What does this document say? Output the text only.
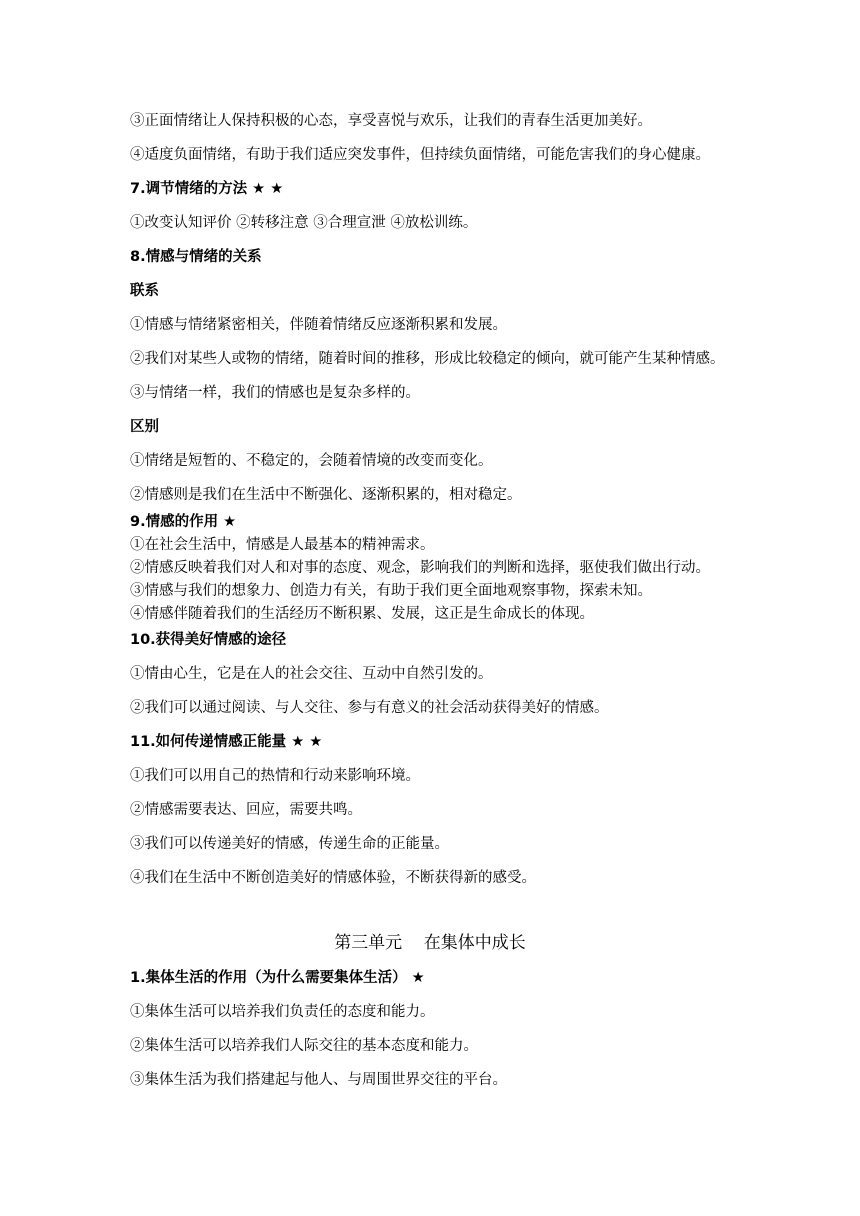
③正面情绪让人保持积极的心态，享受喜悦与欢乐，让我们的青春生活更加美好。
④适度负面情绪，有助于我们适应突发事件，但持续负面情绪，可能危害我们的身心健康。
7.调节情绪的方法 ★ ★
①改变认知评价 ②转移注意 ③合理宣泄 ④放松训练。
8.情感与情绪的关系
联系
①情感与情绪紧密相关，伴随着情绪反应逐渐积累和发展。
②我们对某些人或物的情绪，随着时间的推移，形成比较稳定的倾向，就可能产生某种情感。
③与情绪一样，我们的情感也是复杂多样的。
区别
①情绪是短暂的、不稳定的，会随着情境的改变而变化。
②情感则是我们在生活中不断强化、逐渐积累的，相对稳定。
9.情感的作用 ★
①在社会生活中，情感是人最基本的精神需求。
②情感反映着我们对人和对事的态度、观念，影响我们的判断和选择，驱使我们做出行动。
③情感与我们的想象力、创造力有关，有助于我们更全面地观察事物，探索未知。
④情感伴随着我们的生活经历不断积累、发展，这正是生命成长的体现。
10.获得美好情感的途径
①情由心生，它是在人的社会交往、互动中自然引发的。
②我们可以通过阅读、与人交往、参与有意义的社会活动获得美好的情感。
11.如何传递情感正能量 ★ ★
①我们可以用自己的热情和行动来影响环境。
②情感需要表达、回应，需要共鸣。
③我们可以传递美好的情感，传递生命的正能量。
④我们在生活中不断创造美好的情感体验，不断获得新的感受。
1.集体生活的作用（为什么需要集体生活） ★
①集体生活可以培养我们负责任的态度和能力。
②集体生活可以培养我们人际交往的基本态度和能力。
③集体生活为我们搭建起与他人、与周围世界交往的平台。
第三单元    在集体中成长
